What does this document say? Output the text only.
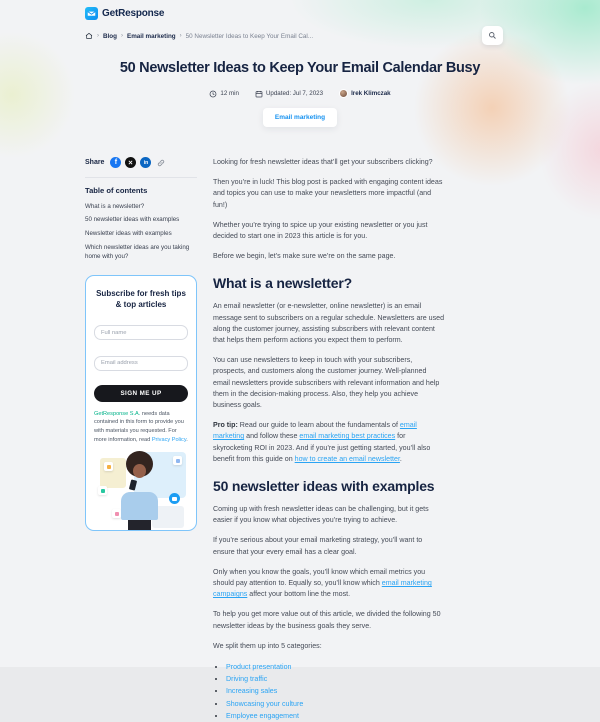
GetResponse
› Blog › Email marketing › 50 Newsletter Ideas to Keep Your Email Cal...
50 Newsletter Ideas to Keep Your Email Calendar Busy
12 min	Updated: Jul 7, 2023	Irek Klimczak
Email marketing
Share	f	in
Table of contents
What is a newsletter?
50 newsletter ideas with examples
Newsletter ideas with examples
Which newsletter ideas are you taking home with you?
Subscribe for fresh tips & top articles
Full name Email address SIGN ME UP
GetResponse S.A. needs data contained in this form to provide you with materials you requested. For more information, read Privacy Policy.

Looking for fresh newsletter ideas that’ll get your subscribers clicking?

Then you’re in luck! This blog post is packed with engaging content ideas and topics you can use to make your newsletters more impactful (and fun!)

Whether you’re trying to spice up your existing newsletter or you just decided to start one in 2023 this article is for you.

Before we begin, let’s make sure we’re on the same page.

What is a newsletter?

An email newsletter (or e-newsletter, online newsletter) is an email message sent to subscribers on a regular schedule. Newsletters are used along the customer journey, assisting subscribers with relevant content that helps them perform actions you expect them to perform.

You can use newsletters to keep in touch with your subscribers, prospects, and customers along the customer journey. Well-planned email newsletters provide subscribers with relevant information and help them in the decision-making process. Also, they help you achieve business goals.

Pro tip: Read our guide to learn about the fundamentals of email marketing and follow these email marketing best practices for skyrocketing ROI in 2023. And if you’re just getting started, you’ll also benefit from this guide on how to create an email newsletter.

50 newsletter ideas with examples

Coming up with fresh newsletter ideas can be challenging, but it gets easier if you know what objectives you’re trying to achieve.

If you’re serious about your email marketing strategy, you’ll want to ensure that your every email has a clear goal.

Only when you know the goals, you’ll know which email metrics you should pay attention to. Equally so, you’ll know which email marketing campaigns affect your bottom line the most.

To help you get more value out of this article, we divided the following 50 newsletter ideas by the business goals they serve.

We split them up into 5 categories:

• Product presentation
• Driving traffic
• Increasing sales
• Showcasing your culture
• Employee engagement
